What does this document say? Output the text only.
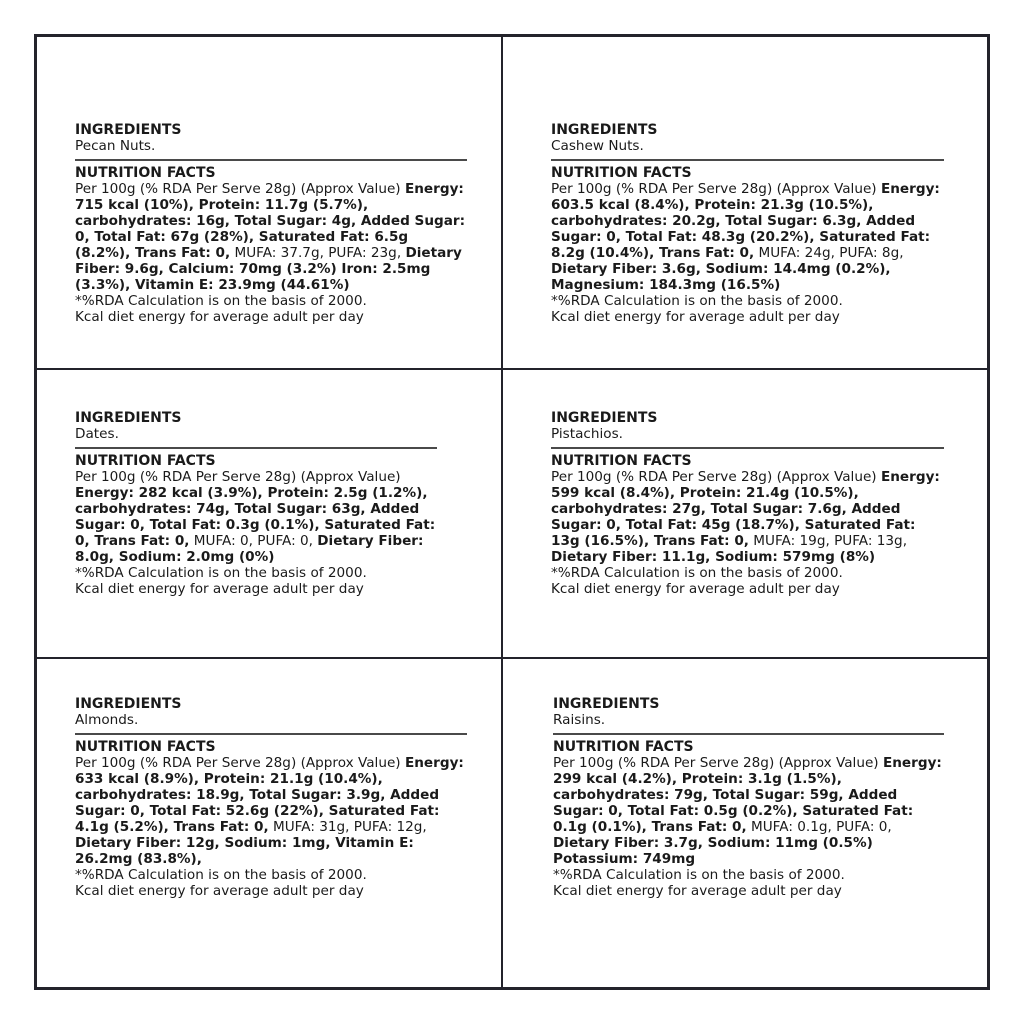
INGREDIENTS
Pecan Nuts.
NUTRITION FACTS
Per 100g (% RDA Per Serve 28g) (Approx Value) Energy: 715 kcal (10%), Protein: 11.7g (5.7%), carbohydrates: 16g, Total Sugar: 4g, Added Sugar: 0, Total Fat: 67g (28%), Saturated Fat: 6.5g (8.2%), Trans Fat: 0, MUFA: 37.7g, PUFA: 23g, Dietary Fiber: 9.6g, Calcium: 70mg (3.2%) Iron: 2.5mg (3.3%), Vitamin E: 23.9mg (44.61%)
*%RDA Calculation is on the basis of 2000.
Kcal diet energy for average adult per day
INGREDIENTS
Cashew Nuts.
NUTRITION FACTS
Per 100g (% RDA Per Serve 28g) (Approx Value) Energy: 603.5 kcal (8.4%), Protein: 21.3g (10.5%), carbohydrates: 20.2g, Total Sugar: 6.3g, Added Sugar: 0, Total Fat: 48.3g (20.2%), Saturated Fat: 8.2g (10.4%), Trans Fat: 0, MUFA: 24g, PUFA: 8g, Dietary Fiber: 3.6g, Sodium: 14.4mg (0.2%), Magnesium: 184.3mg (16.5%)
*%RDA Calculation is on the basis of 2000.
Kcal diet energy for average adult per day
INGREDIENTS
Dates.
NUTRITION FACTS
Per 100g (% RDA Per Serve 28g) (Approx Value) Energy: 282 kcal (3.9%), Protein: 2.5g (1.2%), carbohydrates: 74g, Total Sugar: 63g, Added Sugar: 0, Total Fat: 0.3g (0.1%), Saturated Fat: 0, Trans Fat: 0, MUFA: 0, PUFA: 0, Dietary Fiber: 8.0g, Sodium: 2.0mg (0%)
*%RDA Calculation is on the basis of 2000.
Kcal diet energy for average adult per day
INGREDIENTS
Pistachios.
NUTRITION FACTS
Per 100g (% RDA Per Serve 28g) (Approx Value) Energy: 599 kcal (8.4%), Protein: 21.4g (10.5%), carbohydrates: 27g, Total Sugar: 7.6g, Added Sugar: 0, Total Fat: 45g (18.7%), Saturated Fat: 13g (16.5%), Trans Fat: 0, MUFA: 19g, PUFA: 13g, Dietary Fiber: 11.1g, Sodium: 579mg (8%)
*%RDA Calculation is on the basis of 2000.
Kcal diet energy for average adult per day
INGREDIENTS
Almonds.
NUTRITION FACTS
Per 100g (% RDA Per Serve 28g) (Approx Value) Energy: 633 kcal (8.9%), Protein: 21.1g (10.4%), carbohydrates: 18.9g, Total Sugar: 3.9g, Added Sugar: 0, Total Fat: 52.6g (22%), Saturated Fat: 4.1g (5.2%), Trans Fat: 0, MUFA: 31g, PUFA: 12g, Dietary Fiber: 12g, Sodium: 1mg, Vitamin E: 26.2mg (83.8%),
*%RDA Calculation is on the basis of 2000.
Kcal diet energy for average adult per day
INGREDIENTS
Raisins.
NUTRITION FACTS
Per 100g (% RDA Per Serve 28g) (Approx Value) Energy: 299 kcal (4.2%), Protein: 3.1g (1.5%), carbohydrates: 79g, Total Sugar: 59g, Added Sugar: 0, Total Fat: 0.5g (0.2%), Saturated Fat: 0.1g (0.1%), Trans Fat: 0, MUFA: 0.1g, PUFA: 0, Dietary Fiber: 3.7g, Sodium: 11mg (0.5%) Potassium: 749mg
*%RDA Calculation is on the basis of 2000.
Kcal diet energy for average adult per day
